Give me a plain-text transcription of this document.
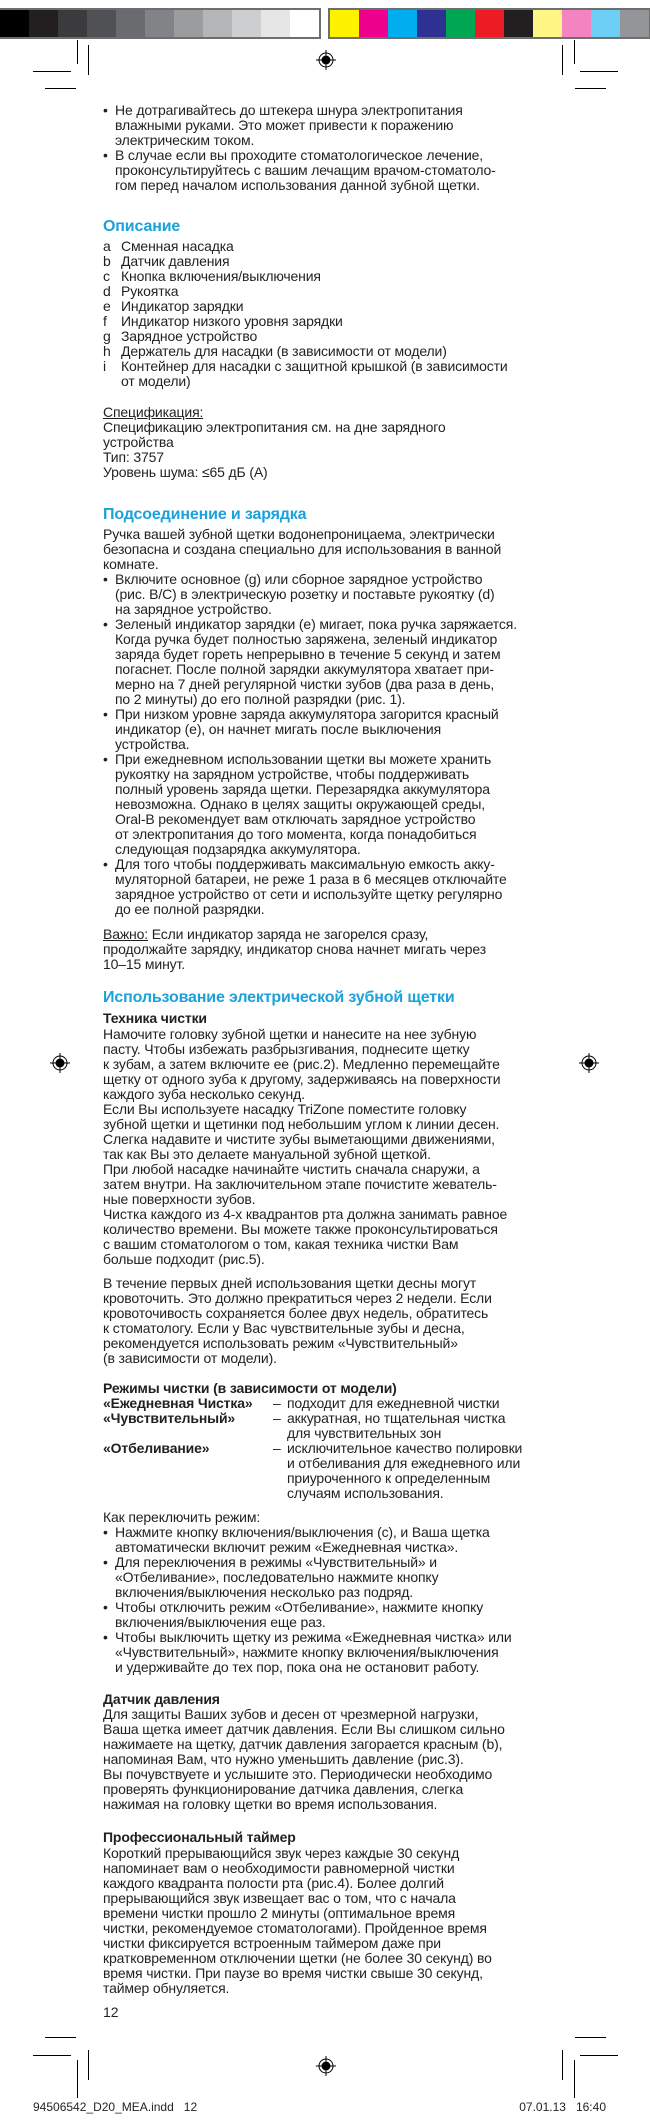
• Не дотрагивайтесь до штекера шнура электропитания
влажными руками. Это может привести к поражению
электрическим током.
• В случае если вы проходите стоматологическое лечение,
проконсультируйтесь с вашим лечащим врачом-стоматоло-
гом перед началом использования данной зубной щетки.
Описание
a Сменная насадка
b Датчик давления
c Кнопка включения/выключения
d Рукоятка
e Индикатор зарядки
f Индикатор низкого уровня зарядки
g Зарядное устройство
h Держатель для насадки (в зависимости от модели)
i Контейнер для насадки с защитной крышкой (в зависимости
от модели)
Спецификация:
Спецификацию электропитания см. на дне зарядного
устройства
Тип: 3757
Уровень шума: ≤65 дБ (A)
Подсоединение и зарядка
Ручка вашей зубной щетки водонепроницаема, электрически
безопасна и создана специально для использования в ванной
комнате.
• Включите основное (g) или сборное зарядное устройство
(рис. B/C) в электрическую розетку и поставьте рукоятку (d)
на зарядное устройство.
• Зеленый индикатор зарядки (e) мигает, пока ручка заряжается.
Когда ручка будет полностью заряжена, зеленый индикатор
заряда будет гореть непрерывно в течение 5 секунд и затем
погаснет. После полной зарядки аккумулятора хватает при-
мерно на 7 дней регулярной чистки зубов (два раза в день,
по 2 минуты) до его полной разрядки (рис. 1).
• При низком уровне заряда аккумулятора загорится красный
индикатор (e), он начнет мигать после выключения
устройства.
• При ежедневном использовании щетки вы можете хранить
рукоятку на зарядном устройстве, чтобы поддерживать
полный уровень заряда щетки. Перезарядка аккумулятора
невозможна. Однако в целях защиты окружающей среды,
Oral-B рекомендует вам отключать зарядное устройство
от электропитания до того момента, когда понадобиться
следующая подзарядка аккумулятора.
• Для того чтобы поддерживать максимальную емкость акку-
муляторной батареи, не реже 1 раза в 6 месяцев отключайте
зарядное устройство от сети и используйте щетку регулярно
до ее полной разрядки.
Важно: Если индикатор заряда не загорелся сразу,
продолжайте зарядку, индикатор снова начнет мигать через
10–15 минут.
Использование электрической зубной щетки
Техника чистки
Намочите головку зубной щетки и нанесите на нее зубную
пасту. Чтобы избежать разбрызгивания, поднесите щетку
к зубам, а затем включите ее (рис.2). Медленно перемещайте
щетку от одного зуба к другому, задерживаясь на поверхности
каждого зуба несколько секунд.
Если Вы используете насадку TriZone поместите головку
зубной щетки и щетинки под небольшим углом к линии десен.
Слегка надавите и чистите зубы выметающими движениями,
так как Вы это делаете мануальной зубной щеткой.
При любой насадке начинайте чистить сначала снаружи, а
затем внутри. На заключительном этапе почистите жеватель-
ные поверхности зубов.
Чистка каждого из 4-х квадрантов рта должна занимать равное
количество времени. Вы можете также проконсультироваться
с вашим стоматологом о том, какая техника чистки Вам
больше подходит (рис.5).
В течение первых дней использования щетки десны могут
кровоточить. Это должно прекратиться через 2 недели. Если
кровоточивость сохраняется более двух недель, обратитесь
к стоматологу. Если у Вас чувствительные зубы и десна,
рекомендуется использовать режим «Чувствительный»
(в зависимости от модели).
Режимы чистки (в зависимости от модели)
«Ежедневная Чистка» – подходит для ежедневной чистки
«Чувствительный»	– аккуратная, но тщательная чистка
для чувствительных зон
«Отбеливание»	– исключительное качество полировки
и отбеливания для ежедневного или
приуроченного к определенным
случаям использования.
Как переключить режим:
• Нажмите кнопку включения/выключения (c), и Ваша щетка
автоматически включит режим «Ежедневная чистка».
• Для переключения в режимы «Чувствительный» и
«Отбеливание», последовательно нажмите кнопку
включения/выключения несколько раз подряд.
• Чтобы отключить режим «Отбеливание», нажмите кнопку
включения/выключения еще раз.
• Чтобы выключить щетку из режима «Ежедневная чистка» или
«Чувствительный», нажмите кнопку включения/выключения
и удерживайте до тех пор, пока она не остановит работу.
Датчик давления
Для защиты Ваших зубов и десен от чрезмерной нагрузки,
Ваша щетка имеет датчик давления. Если Вы слишком сильно
нажимаете на щетку, датчик давления загорается красным (b),
напоминая Вам, что нужно уменьшить давление (рис.3).
Вы почувствуете и услышите это. Периодически необходимо
проверять функционирование датчика давления, слегка
нажимая на головку щетки во время использования.
Профессиональный таймер
Короткий прерывающийся звук через каждые 30 секунд
напоминает вам о необходимости равномерной чистки
каждого квадранта полости рта (рис.4). Более долгий
прерывающийся звук извещает вас о том, что с начала
времени чистки прошло 2 минуты (оптимальное время
чистки, рекомендуемое стоматологами). Пройденное время
чистки фиксируется встроенным таймером даже при
кратковременном отключении щетки (не более 30 секунд) во
время чистки. При паузе во время чистки свыше 30 секунд,
таймер обнуляется.
12
94506542_D20_MEA.indd   12	07.01.13   16:40
